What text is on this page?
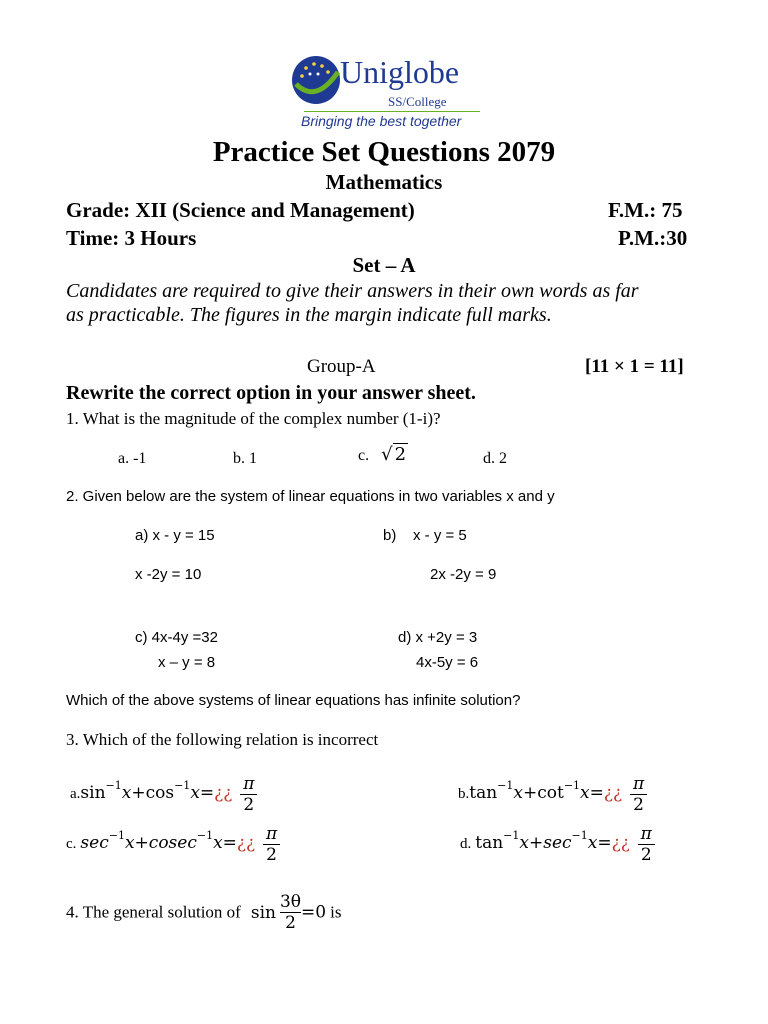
Uniglobe
SS/College
Bringing the best together
Practice Set Questions 2079
Mathematics
Grade: XII (Science and Management)	F.M.: 75
Time: 3 Hours	P.M.:30
Set – A
Candidates are required to give their answers in their own words as far
as practicable. The figures in the margin indicate full marks.
Group-A	[11 × 1 = 11]
Rewrite the correct option in your answer sheet.
1. What is the magnitude of the complex number (1-i)?
a. -1	b. 1	c. √ 2	d. 2
2. Given below are the system of linear equations in two variables x and y
a) x - y = 15	b)    x - y = 5
x -2y = 10	2x -2y = 9
c) 4x-4y =32	d) x +2y = 3
x – y = 8	4x-5y = 6
Which of the above systems of linear equations has infinite solution?
3. Which of the following relation is incorrect
$a.\sin^{-1}x+\cos^{-1}x=¿¿ \frac{\pi}{2}$	$b.\tan^{-1}x+\cot^{-1}x=¿¿ \frac{\pi}{2}$
c. $\sec^{-1}x+cosec^{-1}x=¿¿ \frac{\pi}{2}$	d. $\tan^{-1}x+\sec^{-1}x=¿¿ \frac{\pi}{2}$
4. The general solution of $\sin \frac{3\theta}{2} =0$ is
